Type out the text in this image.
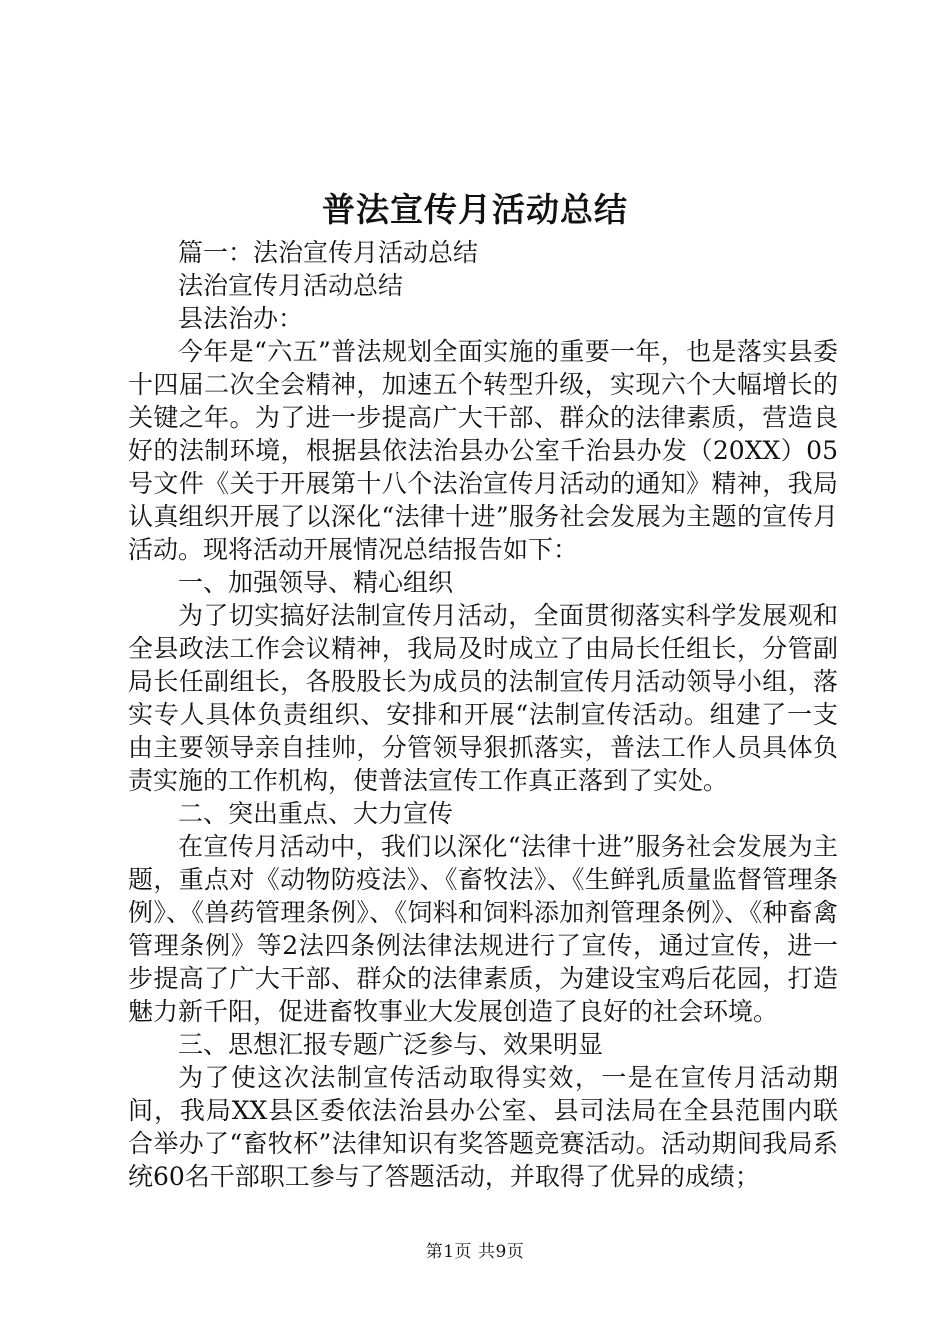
普法宣传月活动总结

篇一：法治宣传月活动总结

法治宣传月活动总结

县法治办：

今年是“六五”普法规划全面实施的重要一年，也是落实县委十四届二次全会精神，加速五个转型升级，实现六个大幅增长的关键之年。为了进一步提高广大干部、群众的法律素质，营造良好的法制环境，根据县依法治县办公室千治县办发（20XX）05号文件《关于开展第十八个法治宣传月活动的通知》精神，我局认真组织开展了以深化“法律十进”服务社会发展为主题的宣传月活动。现将活动开展情况总结报告如下：

一、加强领导、精心组织

为了切实搞好法制宣传月活动，全面贯彻落实科学发展观和全县政法工作会议精神，我局及时成立了由局长任组长，分管副局长任副组长，各股股长为成员的法制宣传月活动领导小组，落实专人具体负责组织、安排和开展“法制宣传活动。组建了一支由主要领导亲自挂帅，分管领导狠抓落实，普法工作人员具体负责实施的工作机构，使普法宣传工作真正落到了实处。

二、突出重点、大力宣传

在宣传月活动中，我们以深化“法律十进”服务社会发展为主题，重点对《动物防疫法》、《畜牧法》、《生鲜乳质量监督管理条例》、《兽药管理条例》、《饲料和饲料添加剂管理条例》、《种畜禽管理条例》等2法四条例法律法规进行了宣传，通过宣传，进一步提高了广大干部、群众的法律素质，为建设宝鸡后花园，打造魅力新千阳，促进畜牧事业大发展创造了良好的社会环境。

三、思想汇报专题广泛参与、效果明显

为了使这次法制宣传活动取得实效，一是在宣传月活动期间，我局XX县区委依法治县办公室、县司法局在全县范围内联合举办了“畜牧杯”法律知识有奖答题竞赛活动。活动期间我局系统60名干部职工参与了答题活动，并取得了优异的成绩；

第1页 共9页
